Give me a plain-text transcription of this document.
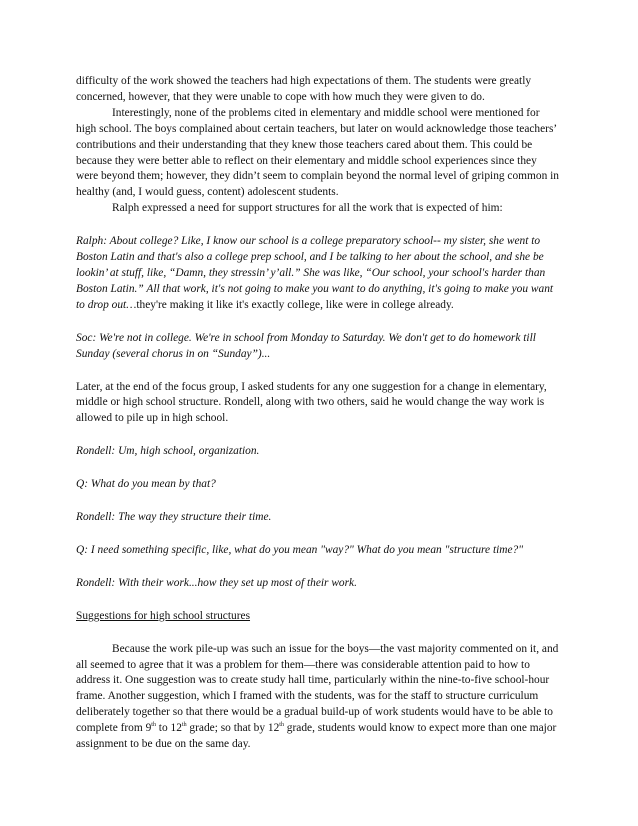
difficulty of the work showed the teachers had high expectations of them. The students were greatly concerned, however, that they were unable to cope with how much they were given to do.

Interestingly, none of the problems cited in elementary and middle school were mentioned for high school. The boys complained about certain teachers, but later on would acknowledge those teachers’ contributions and their understanding that they knew those teachers cared about them. This could be because they were better able to reflect on their elementary and middle school experiences since they were beyond them; however, they didn’t seem to complain beyond the normal level of griping common in healthy (and, I would guess, content) adolescent students.

Ralph expressed a need for support structures for all the work that is expected of him:

Ralph: About college? Like, I know our school is a college preparatory school-- my sister, she went to Boston Latin and that's also a college prep school, and I be talking to her about the school, and she be lookin’ at stuff, like, “Damn, they stressin’ y’all.” She was like, “Our school, your school's harder than Boston Latin.” All that work, it's not going to make you want to do anything, it's going to make you want to drop out…they're making it like it's exactly college, like were in college already.

Soc: We're not in college. We're in school from Monday to Saturday. We don't get to do homework till Sunday (several chorus in on “Sunday”)...

Later, at the end of the focus group, I asked students for any one suggestion for a change in elementary, middle or high school structure. Rondell, along with two others, said he would change the way work is allowed to pile up in high school.

Rondell: Um, high school, organization.

Q: What do you mean by that?

Rondell: The way they structure their time.

Q: I need something specific, like, what do you mean "way?" What do you mean "structure time?"

Rondell: With their work...how they set up most of their work.

Suggestions for high school structures

Because the work pile-up was such an issue for the boys—the vast majority commented on it, and all seemed to agree that it was a problem for them—there was considerable attention paid to how to address it. One suggestion was to create study hall time, particularly within the nine-to-five school-hour frame. Another suggestion, which I framed with the students, was for the staff to structure curriculum deliberately together so that there would be a gradual build-up of work students would have to be able to complete from 9th to 12th grade; so that by 12th grade, students would know to expect more than one major assignment to be due on the same day.
